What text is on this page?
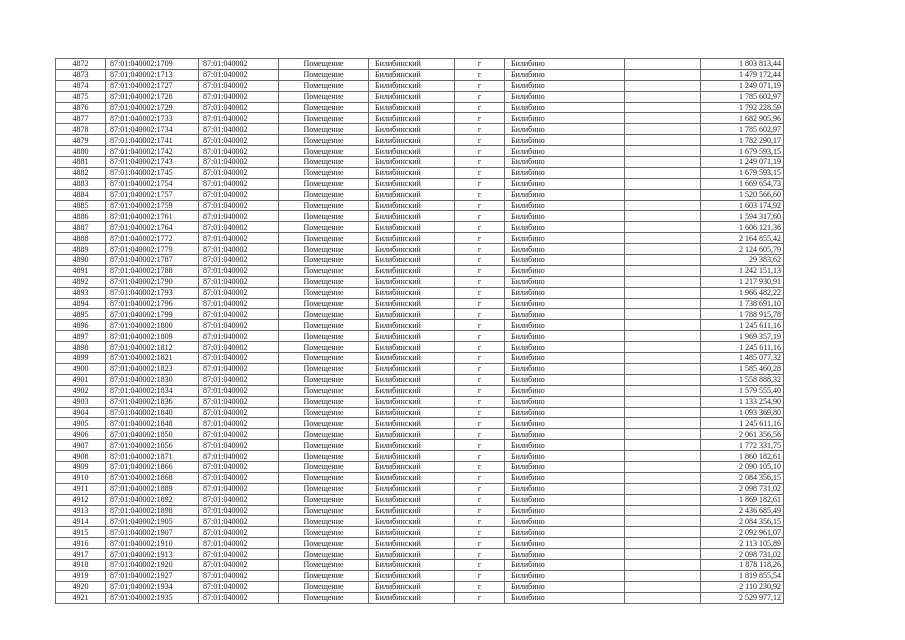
4872	87:01:040002:1709	87:01:040002	Помещение	Билибинский	г	Билибино		1 803 813,44
4873	87:01:040002:1713	87:01:040002	Помещение	Билибинский	г	Билибино		1 479 172,44
4874	87:01:040002:1727	87:01:040002	Помещение	Билибинский	г	Билибино		1 249 071,19
4875	87:01:040002:1728	87:01:040002	Помещение	Билибинский	г	Билибино		1 785 602,97
4876	87:01:040002:1729	87:01:040002	Помещение	Билибинский	г	Билибино		1 792 228,59
4877	87:01:040002:1733	87:01:040002	Помещение	Билибинский	г	Билибино		1 682 905,96
4878	87:01:040002:1734	87:01:040002	Помещение	Билибинский	г	Билибино		1 785 602,97
4879	87:01:040002:1741	87:01:040002	Помещение	Билибинский	г	Билибино		1 782 290,17
4880	87:01:040002:1742	87:01:040002	Помещение	Билибинский	г	Билибино		1 679 593,15
4881	87:01:040002:1743	87:01:040002	Помещение	Билибинский	г	Билибино		1 249 071,19
4882	87:01:040002:1745	87:01:040002	Помещение	Билибинский	г	Билибино		1 679 593,15
4883	87:01:040002:1754	87:01:040002	Помещение	Билибинский	г	Билибино		1 669 654,73
4884	87:01:040002:1757	87:01:040002	Помещение	Билибинский	г	Билибино		1 520 566,60
4885	87:01:040002:1759	87:01:040002	Помещение	Билибинский	г	Билибино		1 603 174,92
4886	87:01:040002:1761	87:01:040002	Помещение	Билибинский	г	Билибино		1 594 317,60
4887	87:01:040002:1764	87:01:040002	Помещение	Билибинский	г	Билибино		1 606 121,36
4888	87:01:040002:1772	87:01:040002	Помещение	Билибинский	г	Билибино		2 164 855,42
4889	87:01:040002:1779	87:01:040002	Помещение	Билибинский	г	Билибино		2 124 605,79
4890	87:01:040002:1787	87:01:040002	Помещение	Билибинский	г	Билибино		29 383,62
4891	87:01:040002:1788	87:01:040002	Помещение	Билибинский	г	Билибино		1 242 151,13
4892	87:01:040002:1790	87:01:040002	Помещение	Билибинский	г	Билибино		1 217 930,91
4893	87:01:040002:1793	87:01:040002	Помещение	Билибинский	г	Билибино		1 966 482,22
4894	87:01:040002:1796	87:01:040002	Помещение	Билибинский	г	Билибино		1 738 691,10
4895	87:01:040002:1799	87:01:040002	Помещение	Билибинский	г	Билибино		1 788 915,78
4896	87:01:040002:1800	87:01:040002	Помещение	Билибинский	г	Билибино		1 245 611,16
4897	87:01:040002:1809	87:01:040002	Помещение	Билибинский	г	Билибино		1 969 357,19
4898	87:01:040002:1812	87:01:040002	Помещение	Билибинский	г	Билибино		1 245 611,16
4899	87:01:040002:1821	87:01:040002	Помещение	Билибинский	г	Билибино		1 485 077,32
4900	87:01:040002:1823	87:01:040002	Помещение	Билибинский	г	Билибино		1 585 460,28
4901	87:01:040002:1830	87:01:040002	Помещение	Билибинский	г	Билибино		1 558 888,32
4902	87:01:040002:1834	87:01:040002	Помещение	Билибинский	г	Билибино		1 579 555,40
4903	87:01:040002:1836	87:01:040002	Помещение	Билибинский	г	Билибино		1 133 254,90
4904	87:01:040002:1840	87:01:040002	Помещение	Билибинский	г	Билибино		1 093 369,80
4905	87:01:040002:1848	87:01:040002	Помещение	Билибинский	г	Билибино		1 245 611,16
4906	87:01:040002:1850	87:01:040002	Помещение	Билибинский	г	Билибино		2 061 356,56
4907	87:01:040002:1856	87:01:040002	Помещение	Билибинский	г	Билибино		1 772 331,75
4908	87:01:040002:1871	87:01:040002	Помещение	Билибинский	г	Билибино		1 860 182,61
4909	87:01:040002:1866	87:01:040002	Помещение	Билибинский	г	Билибино		2 090 105,10
4910	87:01:040002:1868	87:01:040002	Помещение	Билибинский	г	Билибино		2 084 356,15
4911	87:01:040002:1889	87:01:040002	Помещение	Билибинский	г	Билибино		2 098 731,02
4912	87:01:040002:1892	87:01:040002	Помещение	Билибинский	г	Билибино		1 869 182,61
4913	87:01:040002:1898	87:01:040002	Помещение	Билибинский	г	Билибино		2 436 685,49
4914	87:01:040002:1905	87:01:040002	Помещение	Билибинский	г	Билибино		2 084 356,15
4915	87:01:040002:1907	87:01:040002	Помещение	Билибинский	г	Билибино		2 092 961,07
4916	87:01:040002:1910	87:01:040002	Помещение	Билибинский	г	Билибино		2 113 105,89
4917	87:01:040002:1913	87:01:040002	Помещение	Билибинский	г	Билибино		2 098 731,02
4918	87:01:040002:1920	87:01:040002	Помещение	Билибинский	г	Билибино		1 878 118,26
4919	87:01:040002:1927	87:01:040002	Помещение	Билибинский	г	Билибино		1 819 855,54
4920	87:01:040002:1934	87:01:040002	Помещение	Билибинский	г	Билибино		2 110 230,92
4921	87:01:040002:1935	87:01:040002	Помещение	Билибинский	г	Билибино		2 529 977,12
